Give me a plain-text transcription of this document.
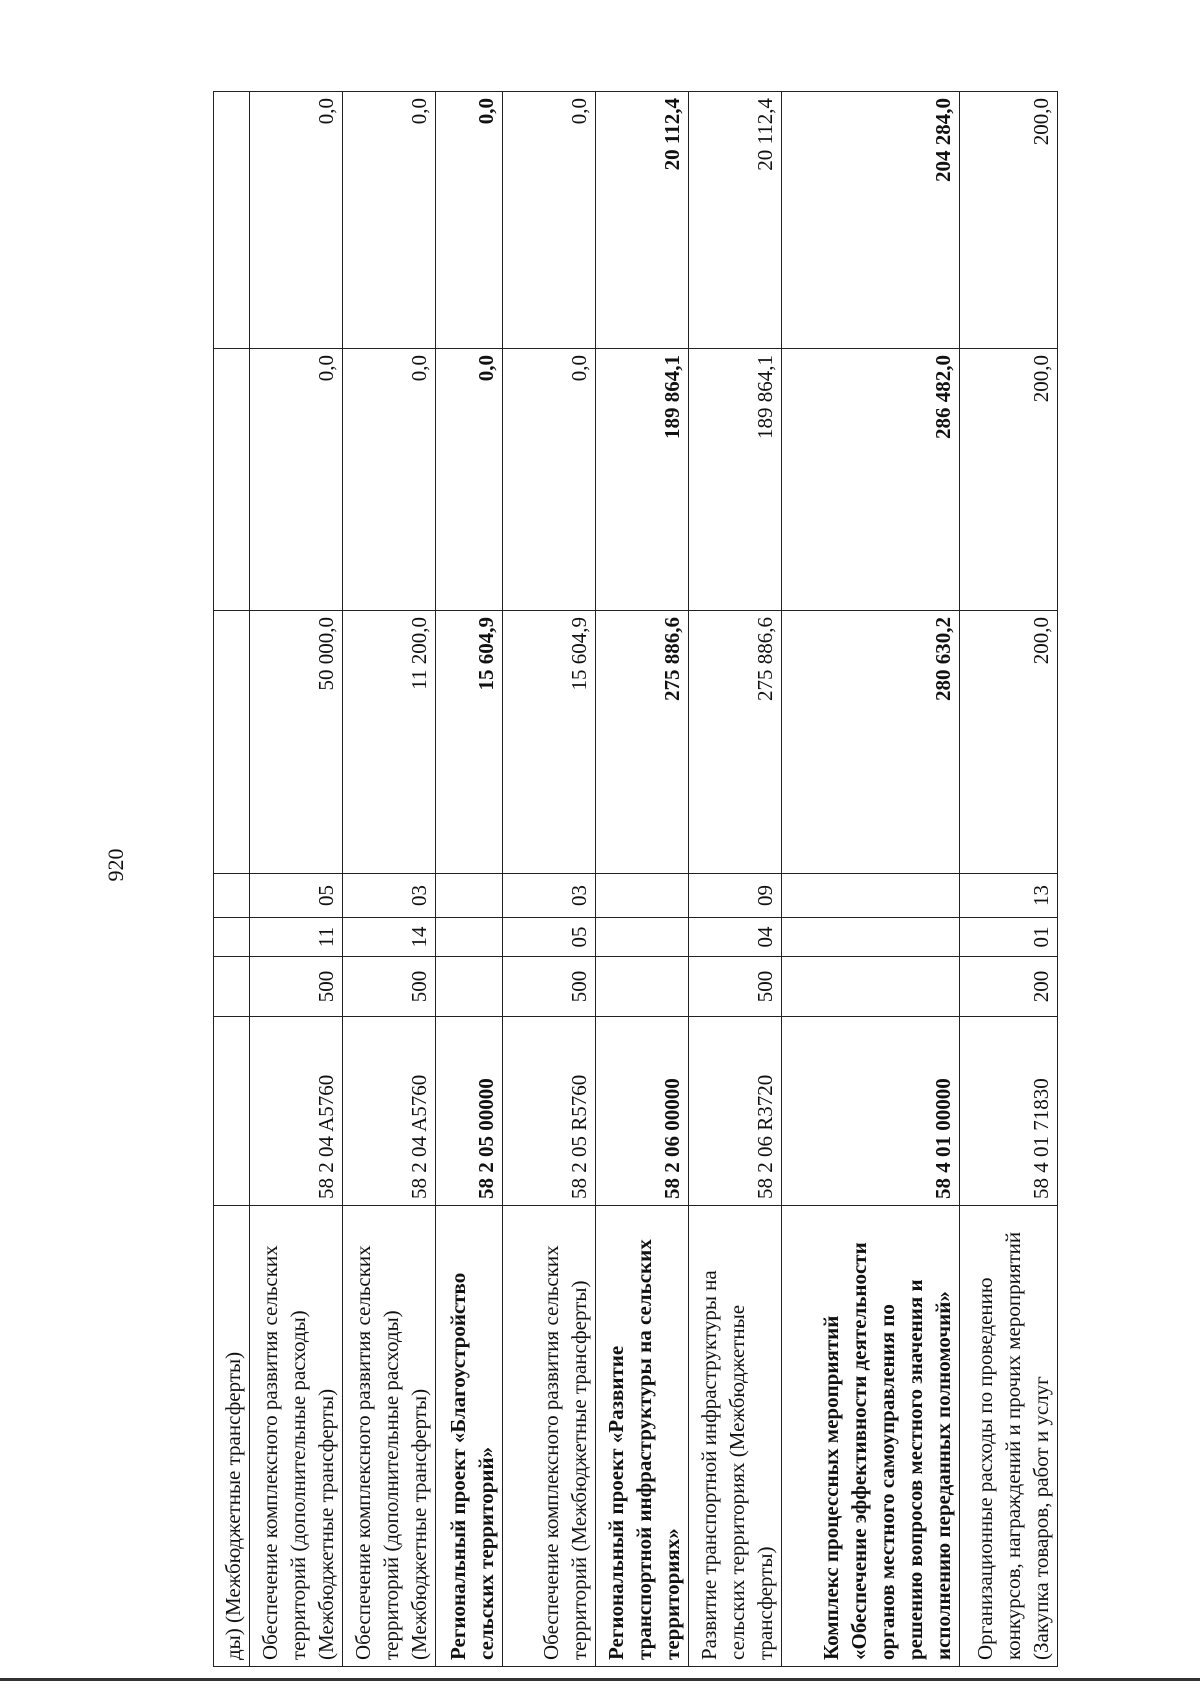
920
ды) (Межбюджетные трансферты)							
Обеспечение комплексного развития сельских территорий (дополнительные расходы) (Межбюджетные трансферты)	58 2 04 A5760	500	11	05	50 000,0	0,0	0,0
Обеспечение комплексного развития сельских территорий (дополнительные расходы) (Межбюджетные трансферты)	58 2 04 A5760	500	14	03	11 200,0	0,0	0,0
Региональный проект «Благоустройство сельских территорий»	58 2 05 00000				15 604,9	0,0	0,0
Обеспечение комплексного развития сельских территорий (Межбюджетные трансферты)	58 2 05 R5760	500	05	03	15 604,9	0,0	0,0
Региональный проект «Развитие транспортной инфраструктуры на сельских территориях»	58 2 06 00000				275 886,6	189 864,1	20 112,4
Развитие транспортной инфраструктуры на сельских территориях (Межбюджетные трансферты)	58 2 06 R3720	500	04	09	275 886,6	189 864,1	20 112,4
Комплекс процессных мероприятий «Обеспечение эффективности деятельности органов местного самоуправления по решению вопросов местного значения и исполнению переданных полномочий»	58 4 01 00000				280 630,2	286 482,0	204 284,0
Организационные расходы по проведению конкурсов, награждений и прочих мероприятий (Закупка товаров, работ и услуг	58 4 01 71830	200	01	13	200,0	200,0	200,0
